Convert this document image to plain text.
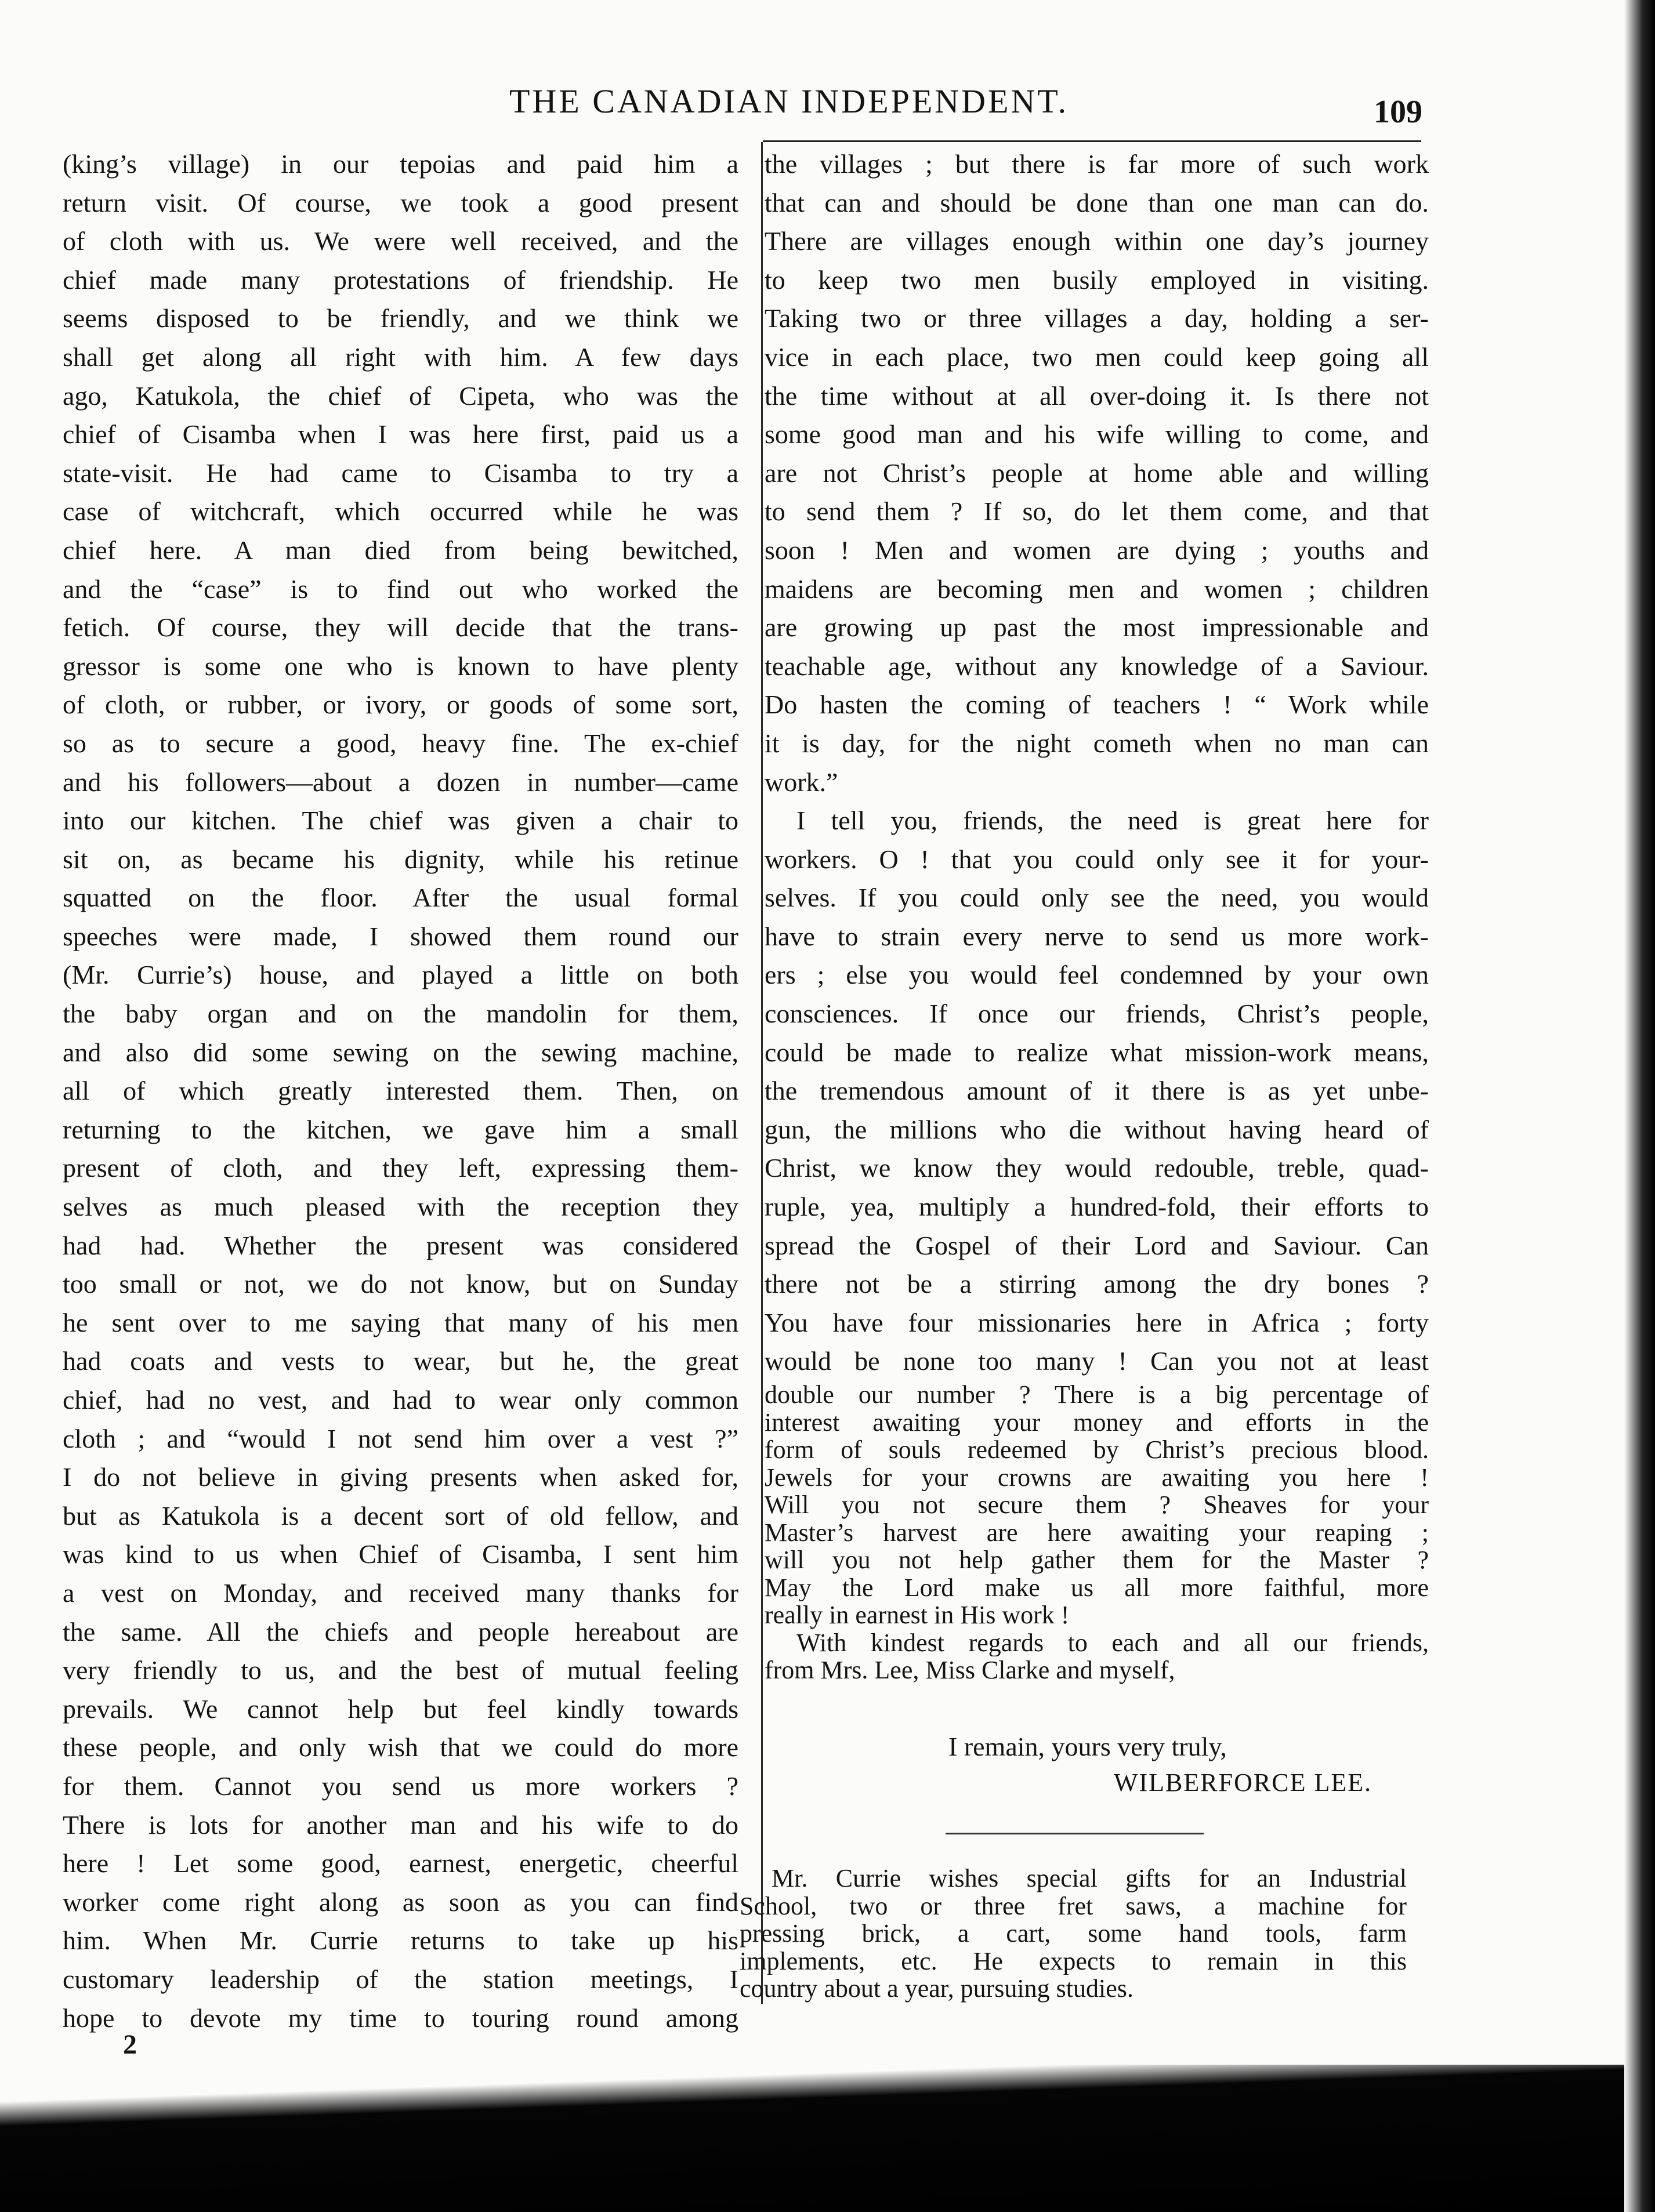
THE CANADIAN INDEPENDENT.	109
(king’s village) in our tepoias and paid him a
return visit. Of course, we took a good present
of cloth with us. We were well received, and the
chief made many protestations of friendship. He
seems disposed to be friendly, and we think we
shall get along all right with him. A few days
ago, Katukola, the chief of Cipeta, who was the
chief of Cisamba when I was here first, paid us a
state-visit. He had came to Cisamba to try a
case of witchcraft, which occurred while he was
chief here. A man died from being bewitched,
and the “case” is to find out who worked the
fetich. Of course, they will decide that the trans-
gressor is some one who is known to have plenty
of cloth, or rubber, or ivory, or goods of some sort,
so as to secure a good, heavy fine. The ex-chief
and his followers—about a dozen in number—came
into our kitchen. The chief was given a chair to
sit on, as became his dignity, while his retinue
squatted on the floor. After the usual formal
speeches were made, I showed them round our
(Mr. Currie’s) house, and played a little on both
the baby organ and on the mandolin for them,
and also did some sewing on the sewing machine,
all of which greatly interested them. Then, on
returning to the kitchen, we gave him a small
present of cloth, and they left, expressing them-
selves as much pleased with the reception they
had had. Whether the present was considered
too small or not, we do not know, but on Sunday
he sent over to me saying that many of his men
had coats and vests to wear, but he, the great
chief, had no vest, and had to wear only common
cloth ; and “would I not send him over a vest ?”
I do not believe in giving presents when asked for,
but as Katukola is a decent sort of old fellow, and
was kind to us when Chief of Cisamba, I sent him
a vest on Monday, and received many thanks for
the same. All the chiefs and people hereabout are
very friendly to us, and the best of mutual feeling
prevails. We cannot help but feel kindly towards
these people, and only wish that we could do more
for them. Cannot you send us more workers ?
There is lots for another man and his wife to do
here ! Let some good, earnest, energetic, cheerful
worker come right along as soon as you can find
him. When Mr. Currie returns to take up his
customary leadership of the station meetings, I
hope to devote my time to touring round among
the villages ; but there is far more of such work
that can and should be done than one man can do.
There are villages enough within one day’s journey
to keep two men busily employed in visiting.
Taking two or three villages a day, holding a ser-
vice in each place, two men could keep going all
the time without at all over-doing it. Is there not
some good man and his wife willing to come, and
are not Christ’s people at home able and willing
to send them ? If so, do let them come, and that
soon ! Men and women are dying ; youths and
maidens are becoming men and women ; children
are growing up past the most impressionable and
teachable age, without any knowledge of a Saviour.
Do hasten the coming of teachers ! “ Work while
it is day, for the night cometh when no man can
work.”
I tell you, friends, the need is great here for
workers. O ! that you could only see it for your-
selves. If you could only see the need, you would
have to strain every nerve to send us more work-
ers ; else you would feel condemned by your own
consciences. If once our friends, Christ’s people,
could be made to realize what mission-work means,
the tremendous amount of it there is as yet unbe-
gun, the millions who die without having heard of
Christ, we know they would redouble, treble, quad-
ruple, yea, multiply a hundred-fold, their efforts to
spread the Gospel of their Lord and Saviour. Can
there not be a stirring among the dry bones ?
You have four missionaries here in Africa ; forty
would be none too many ! Can you not at least
double our number ? There is a big percentage of
interest awaiting your money and efforts in the
form of souls redeemed by Christ’s precious blood.
Jewels for your crowns are awaiting you here !
Will you not secure them ? Sheaves for your
Master’s harvest are here awaiting your reaping ;
will you not help gather them for the Master ?
May the Lord make us all more faithful, more
really in earnest in His work !
With kindest regards to each and all our friends,
from Mrs. Lee, Miss Clarke and myself,
I remain, yours very truly,
WILBERFORCE LEE.
Mr. Currie wishes special gifts for an Industrial
School, two or three fret saws, a machine for
pressing brick, a cart, some hand tools, farm
implements, etc. He expects to remain in this
country about a year, pursuing studies.
2
